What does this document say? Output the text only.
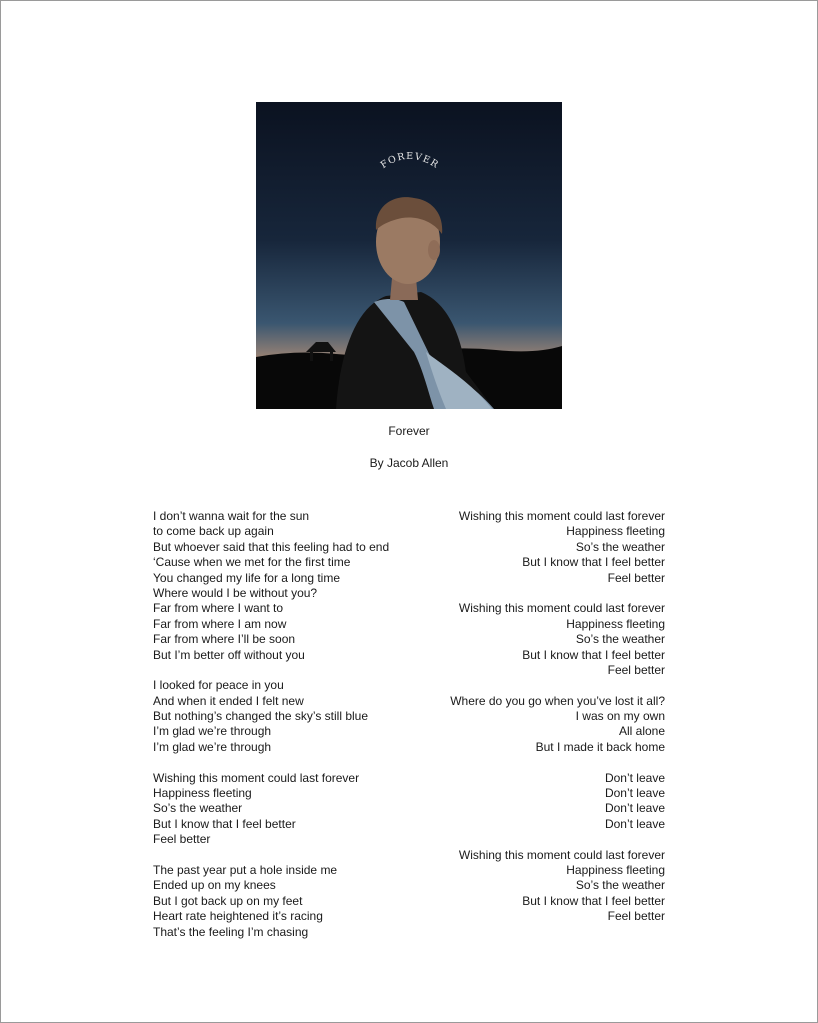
FOREVER
Forever
By Jacob Allen
I don’t wanna wait for the sun
to come back up again
But whoever said that this feeling had to end
‘Cause when we met for the first time
You changed my life for a long time
Where would I be without you?
Far from where I want to
Far from where I am now
Far from where I’ll be soon
But I’m better off without you
I looked for peace in you
And when it ended I felt new
But nothing’s changed the sky’s still blue
I’m glad we’re through
I’m glad we’re through
Wishing this moment could last forever
Happiness fleeting
So’s the weather
But I know that I feel better
Feel better
The past year put a hole inside me
Ended up on my knees
But I got back up on my feet
Heart rate heightened it’s racing
That’s the feeling I’m chasing
Wishing this moment could last forever
Happiness fleeting
So’s the weather
But I know that I feel better
Feel better
Wishing this moment could last forever
Happiness fleeting
So’s the weather
But I know that I feel better
Feel better
Where do you go when you’ve lost it all?
I was on my own
All alone
But I made it back home
Don’t leave
Don’t leave
Don’t leave
Don’t leave
Wishing this moment could last forever
Happiness fleeting
So’s the weather
But I know that I feel better
Feel better
